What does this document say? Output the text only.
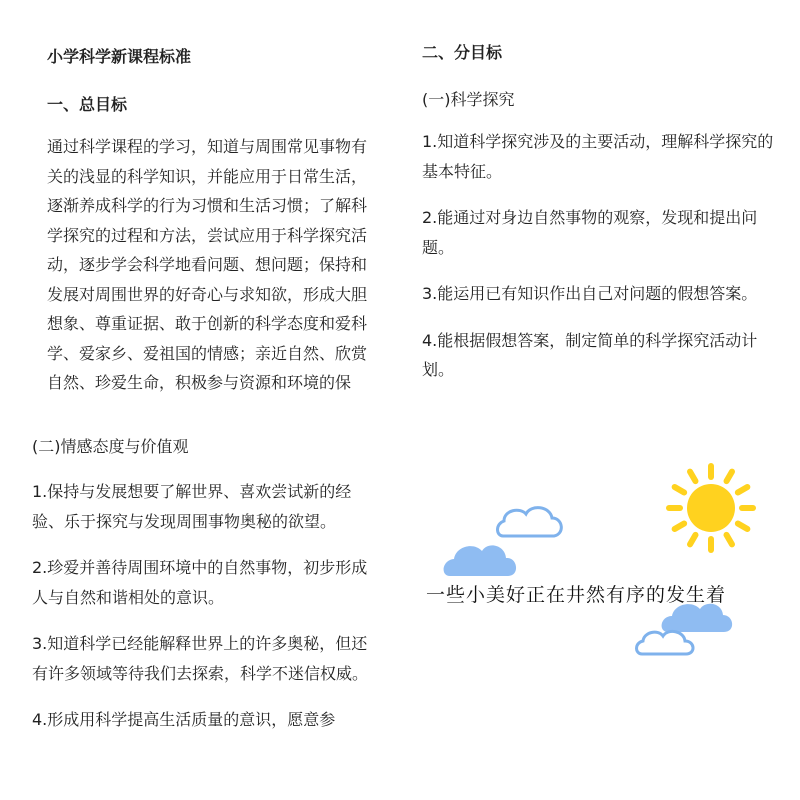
小学科学新课程标准
一、总目标

通过科学课程的学习，知道与周围常见事物有关的浅显的科学知识，并能应用于日常生活，逐渐养成科学的行为习惯和生活习惯；了解科学探究的过程和方法，尝试应用于科学探究活动，逐步学会科学地看问题、想问题；保持和发展对周围世界的好奇心与求知欲，形成大胆想象、尊重证据、敢于创新的科学态度和爱科学、爱家乡、爱祖国的情感；亲近自然、欣赏自然、珍爱生命，积极参与资源和环境的保

二、分目标
(一)科学探究

1.知道科学探究涉及的主要活动，理解科学探究的基本特征。

2.能通过对身边自然事物的观察，发现和提出问题。

3.能运用已有知识作出自己对问题的假想答案。

4.能根据假想答案，制定简单的科学探究活动计划。

(二)情感态度与价值观

1.保持与发展想要了解世界、喜欢尝试新的经验、乐于探究与发现周围事物奥秘的欲望。

2.珍爱并善待周围环境中的自然事物，初步形成人与自然和谐相处的意识。

3.知道科学已经能解释世界上的许多奥秘，但还有许多领域等待我们去探索，科学不迷信权威。

4.形成用科学提高生活质量的意识，愿意参

一些小美好正在井然有序的发生着
